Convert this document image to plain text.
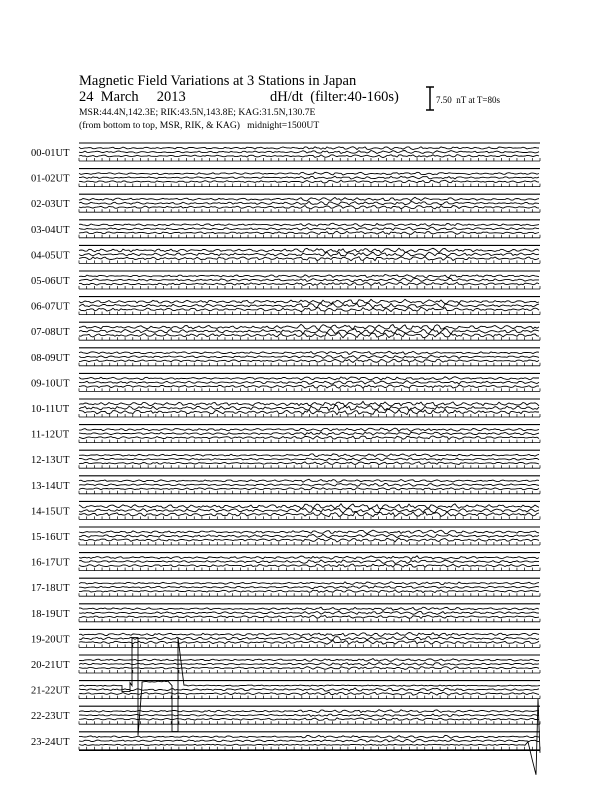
Magnetic Field Variations at 3 Stations in Japan
24  March     2013	dH/dt  (filter:40-160s)
MSR:44.4N,142.3E; RIK:43.5N,143.8E; KAG:31.5N,130.7E
(from bottom to top, MSR, RIK, & KAG)   midnight=1500UT
7.50  nT at T=80s
00-01UT
01-02UT
02-03UT
03-04UT
04-05UT
05-06UT
06-07UT
07-08UT
08-09UT
09-10UT
10-11UT
11-12UT
12-13UT
13-14UT
14-15UT
15-16UT
16-17UT
17-18UT
18-19UT
19-20UT
20-21UT
21-22UT
22-23UT
23-24UT
